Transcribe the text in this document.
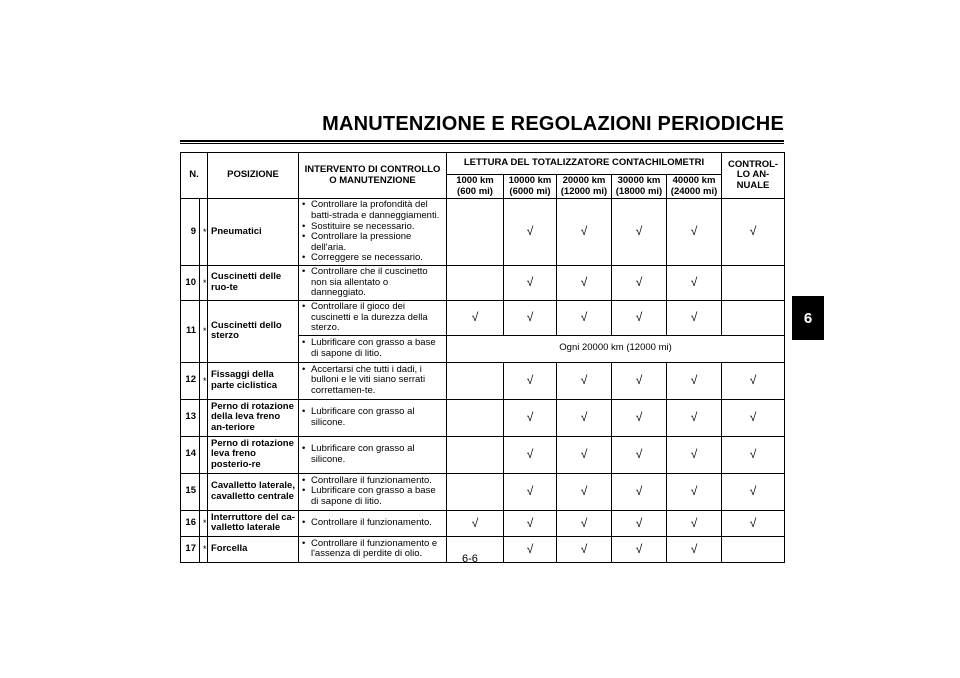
MANUTENZIONE E REGOLAZIONI PERIODICHE
6
N.		POSIZIONE	INTERVENTO DI CONTROLLO O MANUTENZIONE	LETTURA DEL TOTALIZZATORE CONTACHILOMETRI					CONTROL-LO AN-NUALE
				1000 km (600 mi)	10000 km (6000 mi)	20000 km (12000 mi)	30000 km (18000 mi)	40000 km (24000 mi)	
9	*	Pneumatici	• Controllare la profondità del batti-strada e danneggiamenti.
• Sostituire se necessario.
• Controllare la pressione dell'aria.
• Correggere se necessario.		√	√	√	√	√
10	*	Cuscinetti delle ruo-te	• Controllare che il cuscinetto non sia allentato o danneggiato.		√	√	√	√	
11	*	Cuscinetti dello sterzo	• Controllare il gioco dei cuscinetti e la durezza della sterzo.	√	√	√	√	√	

			• Lubrificare con grasso a base di sapone di litio.	Ogni 20000 km (12000 mi)					
12	*	Fissaggi della parte ciclistica	• Accertarsi che tutti i dadi, i bulloni e le viti siano serrati correttamen-te.		√	√	√	√	√
13		Perno di rotazione della leva freno an-teriore	• Lubrificare con grasso al silicone.		√	√	√	√	√
14		Perno di rotazione leva freno posterio-re	• Lubrificare con grasso al silicone.		√	√	√	√	√
15		Cavalletto laterale, cavalletto centrale	• Controllare il funzionamento.
• Lubrificare con grasso a base di sapone di litio.		√	√	√	√	√
16	*	Interruttore del ca-valletto laterale	• Controllare il funzionamento.	√	√	√	√	√	√
17	*	Forcella	• Controllare il funzionamento e l'assenza di perdite di olio.		√	√	√	√	
6-6
